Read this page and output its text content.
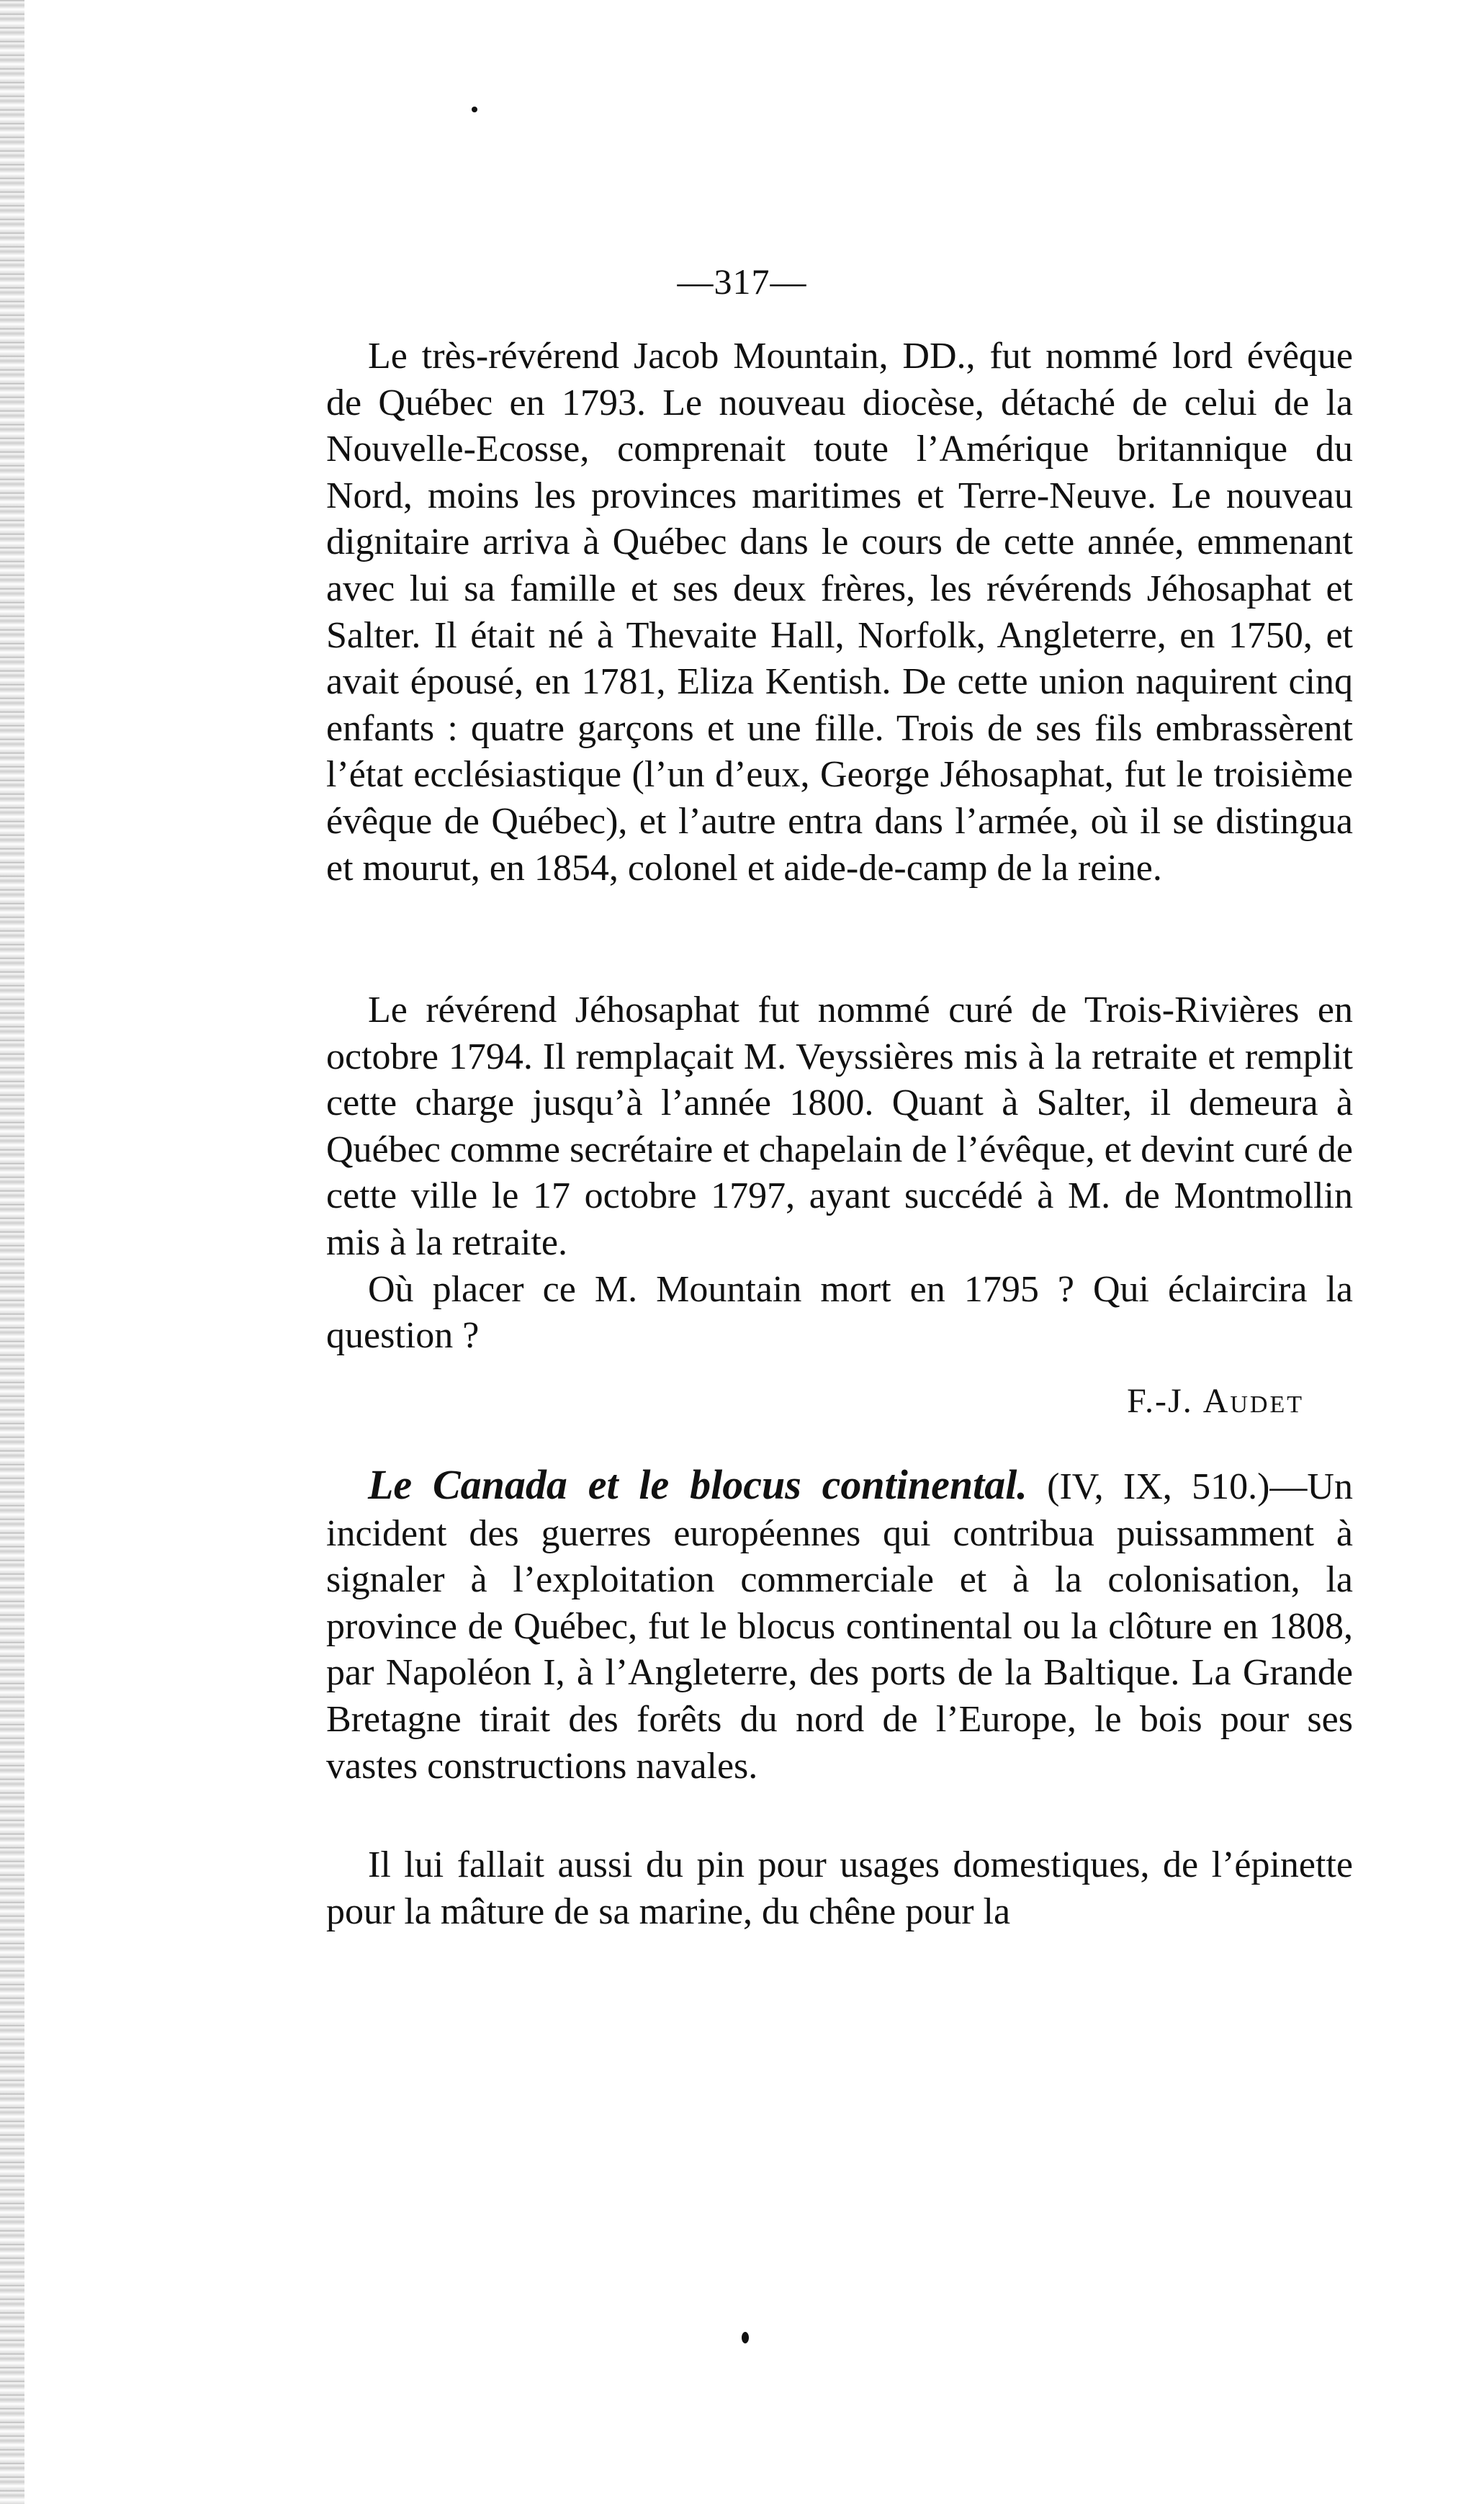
—317—

Le très-révérend Jacob Mountain, DD., fut nommé lord évêque de Québec en 1793. Le nouveau diocèse, détaché de celui de la Nouvelle-Ecosse, comprenait toute l’Amérique britannique du Nord, moins les provinces maritimes et Terre-Neuve. Le nouveau dignitaire arriva à Québec dans le cours de cette année, emmenant avec lui sa famille et ses deux frères, les révérends Jéhosaphat et Salter. Il était né à Thevaite Hall, Norfolk, Angleterre, en 1750, et avait épousé, en 1781, Eliza Kentish. De cette union naquirent cinq enfants : quatre garçons et une fille. Trois de ses fils embrassèrent l’état ecclésiastique (l’un d’eux, George Jéhosaphat, fut le troisième évêque de Québec), et l’autre entra dans l’armée, où il se distingua et mourut, en 1854, colonel et aide-de-camp de la reine.

Le révérend Jéhosaphat fut nommé curé de Trois-Rivières en octobre 1794. Il remplaçait M. Veyssières mis à la retraite et remplit cette charge jusqu’à l’année 1800. Quant à Salter, il demeura à Québec comme secrétaire et chapelain de l’évêque, et devint curé de cette ville le 17 octobre 1797, ayant succédé à M. de Montmollin mis à la retraite.

Où placer ce M. Mountain mort en 1795 ? Qui éclaircira la question ?

F.-J. Audet

Le Canada et le blocus continental. (IV, IX, 510.)—Un incident des guerres européennes qui contribua puissamment à signaler à l’exploitation commerciale et à la colonisation, la province de Québec, fut le blocus continental ou la clôture en 1808, par Napoléon I, à l’Angleterre, des ports de la Baltique. La Grande Bretagne tirait des forêts du nord de l’Europe, le bois pour ses vastes constructions navales.

Il lui fallait aussi du pin pour usages domestiques, de l’épinette pour la mâture de sa marine, du chêne pour la
